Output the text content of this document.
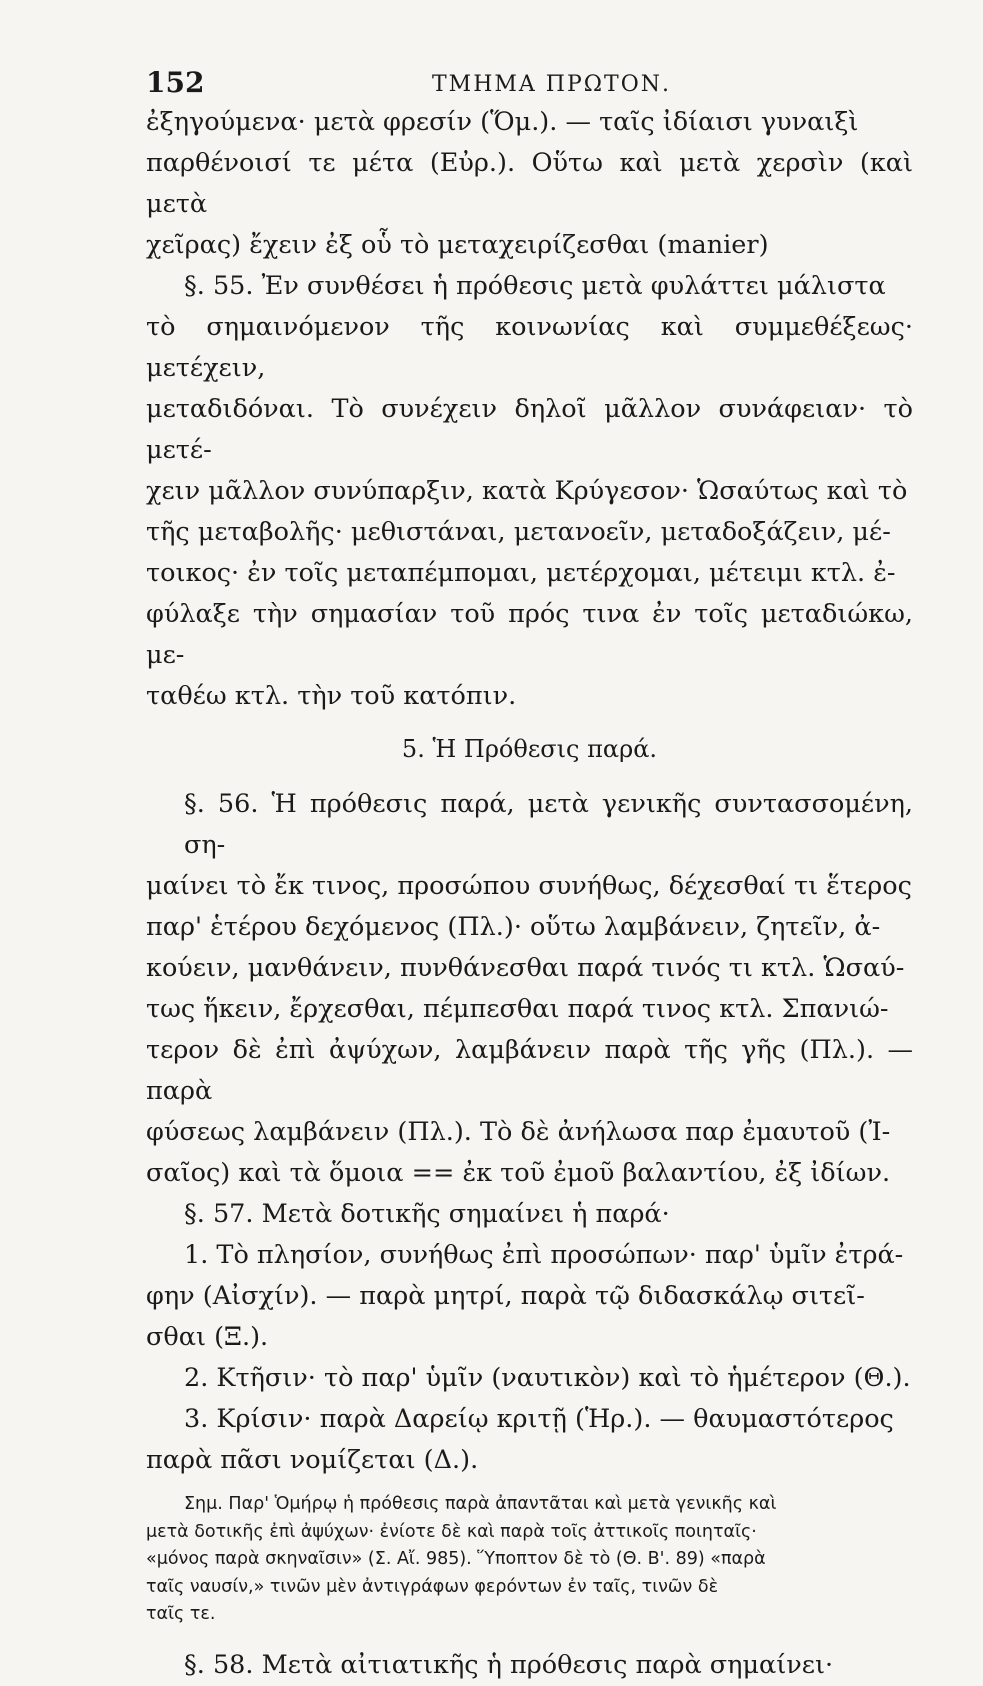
152	ΤΜΗΜΑ ΠΡΩΤΟΝ.

ἐξηγούμενα· μετὰ φρεσίν (Ὅμ.). — ταῖς ἰδίαισι γυναιξὶ
παρθένοισί τε μέτα (Εὐρ.). Οὕτω καὶ μετὰ χερσὶν (καὶ μετὰ
χεῖρας) ἔχειν ἐξ οὗ τὸ μεταχειρίζεσθαι (manier)

§. 55. Ἐν συνθέσει ἡ πρόθεσις μετὰ φυλάττει μάλιστα
τὸ σημαινόμενον τῆς κοινωνίας καὶ συμμεθέξεως· μετέχειν,
μεταδιδόναι. Τὸ συνέχειν δηλοῖ μᾶλλον συνάφειαν· τὸ μετέ-
χειν μᾶλλον συνύπαρξιν, κατὰ Κρύγεσον· Ὡσαύτως καὶ τὸ
τῆς μεταβολῆς· μεθιστάναι, μετανοεῖν, μεταδοξάζειν, μέ-
τοικος· ἐν τοῖς μεταπέμπομαι, μετέρχομαι, μέτειμι κτλ. ἐ-
φύλαξε τὴν σημασίαν τοῦ πρός τινα ἐν τοῖς μεταδιώκω, με-
ταθέω κτλ. τὴν τοῦ κατόπιν.

5. Ἡ Πρόθεσις παρά.

§. 56. Ἡ πρόθεσις παρά, μετὰ γενικῆς συντασσομένη, ση-
μαίνει τὸ ἔκ τινος, προσώπου συνήθως, δέχεσθαί τι ἕτερος
παρ' ἑτέρου δεχόμενος (Πλ.)· οὕτω λαμβάνειν, ζητεῖν, ἀ-
κούειν, μανθάνειν, πυνθάνεσθαι παρά τινός τι κτλ. Ὡσαύ-
τως ἥκειν, ἔρχεσθαι, πέμπεσθαι παρά τινος κτλ. Σπανιώ-
τερον δὲ ἐπὶ ἀψύχων, λαμβάνειν παρὰ τῆς γῆς (Πλ.). — παρὰ
φύσεως λαμβάνειν (Πλ.). Τὸ δὲ ἀνήλωσα παρ ἐμαυτοῦ (Ἰ-
σαῖος) καὶ τὰ ὅμοια == ἐκ τοῦ ἐμοῦ βαλαντίου, ἐξ ἰδίων.

§. 57. Μετὰ δοτικῆς σημαίνει ἡ παρά·

1. Τὸ πλησίον, συνήθως ἐπὶ προσώπων· παρ' ὑμῖν ἐτρά-
φην (Αἰσχίν). — παρὰ μητρί, παρὰ τῷ διδασκάλῳ σιτεῖ-
σθαι (Ξ.).

2. Κτῆσιν· τὸ παρ' ὑμῖν (ναυτικὸν) καὶ τὸ ἡμέτερον (Θ.).
3. Κρίσιν· παρὰ Δαρείῳ κριτῇ (Ἡρ.). — θαυμαστότερος
παρὰ πᾶσι νομίζεται (Δ.).

Σημ. Παρ' Ὁμήρῳ ἡ πρόθεσις παρὰ ἀπαντᾶται καὶ μετὰ γενικῆς καὶ
μετὰ δοτικῆς ἐπὶ ἀψύχων· ἐνίοτε δὲ καὶ παρὰ τοῖς ἀττικοῖς ποιηταῖς·
«μόνος παρὰ σκηναῖσιν» (Σ. Αἴ. 985). Ὕποπτον δὲ τὸ (Θ. Β'. 89) «παρὰ
ταῖς ναυσίν,» τινῶν μὲν ἀντιγράφων φερόντων ἐν ταῖς, τινῶν δὲ
ταῖς τε.

§. 58. Μετὰ αἰτιατικῆς ἡ πρόθεσις παρὰ σημαίνει·
